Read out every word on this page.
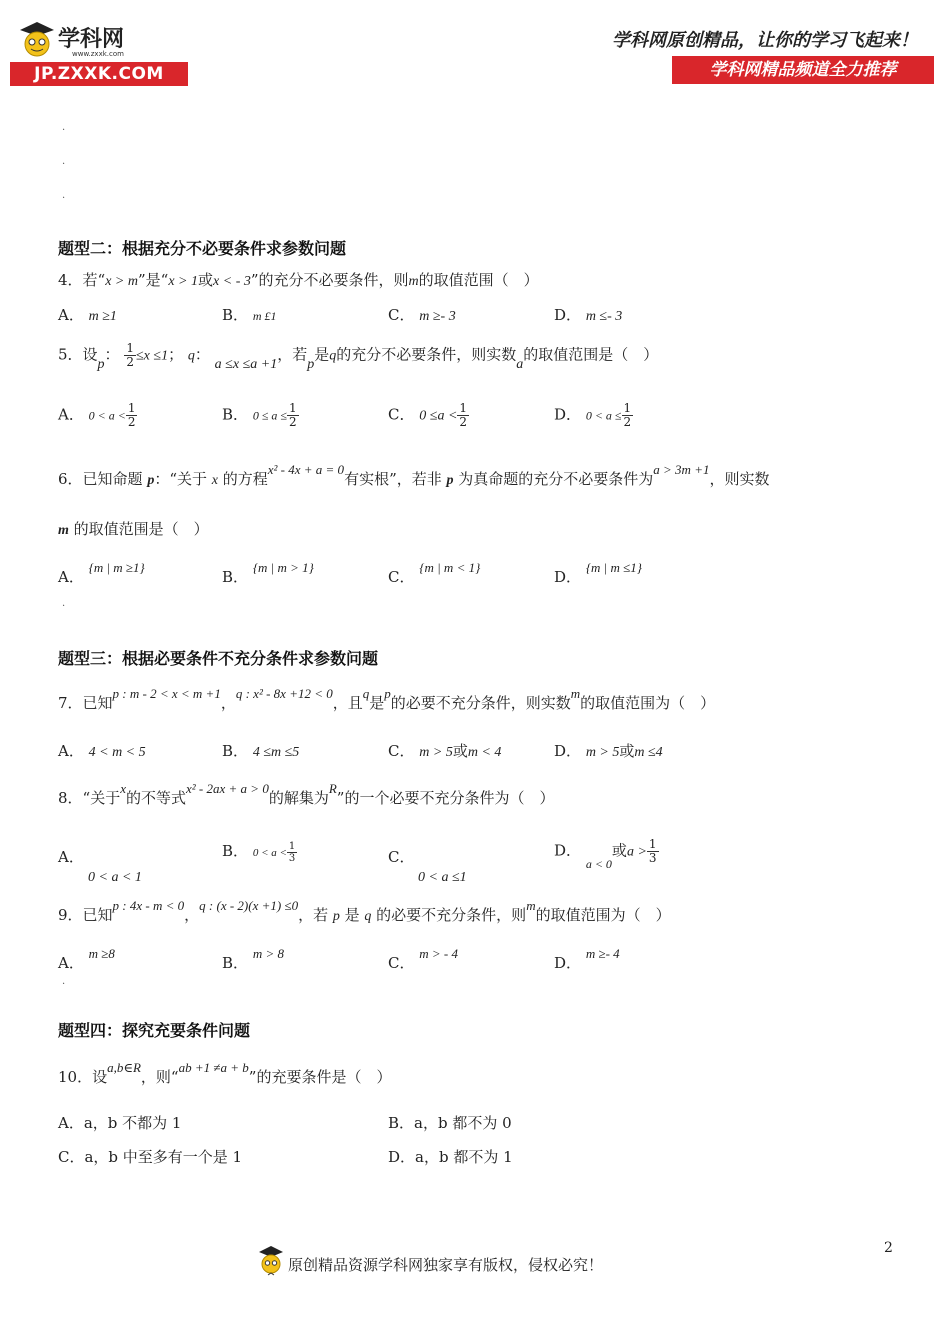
学科网
www.zxxk.com
JP.ZXXK.COM
学科网原创精品，让你的学习飞起来！
学科网精品频道全力推荐
.
.
.
题型二：根据充分不必要条件求参数问题
4．若“x > m”是“x > 1或x < - 3”的充分不必要条件，则m的取值范围（　）
A． m ≥1	B． m £1	C． m ≥- 3	D． m ≤- 3
5．设p： $\frac{1}{2} \le x \le 1$； q： a ≤x ≤a +1，若p是q的充分不必要条件，则实数a的取值范围是（　）
A． $0 < a < \frac{1}{2}$	B． $0 \le a \le \frac{1}{2}$	C． $0 \le a < \frac{1}{2}$	D． $0 < a \le \frac{1}{2}$
6．已知命题 p：“关于 x 的方程x² - 4x + a = 0有实根”，若非 p 为真命题的充分不必要条件为a > 3m +1，则实数
m 的取值范围是（　）
A． {m | m ≥1}
B． {m | m > 1}
C． {m | m < 1}
D． {m | m ≤1}
.
题型三：根据必要条件不充分条件求参数问题
7．已知p : m - 2 < x < m +1，q : x² - 8x +12 < 0，且q是p的必要不充分条件，则实数m的取值范围为（　）
A． 4 < m < 5	B． 4 ≤m ≤5	C． m > 5或m < 4	D． m > 5或m ≤4
8．“关于x的不等式x² - 2ax + a > 0的解集为R”的一个必要不充分条件为（　）
A．
0 < a < 1
B． $0 < a < \frac{1}{3}$	C．
0 < a ≤1
D． $_{a < 0}$或$a > \frac{1}{3}$
9．已知p : 4x - m < 0，q : (x - 2)(x +1) ≤0，若 p 是 q 的必要不充分条件，则m的取值范围为（　）
A． m ≥8
B． m > 8
C． m > - 4
D． m ≥- 4
.
题型四：探究充要条件问题
10．设a,b∈R，则“ab +1 ≠a + b”的充要条件是（　）
A．a，b 不都为 1	B．a，b 都不为 0
C．a，b 中至多有一个是 1	D．a，b 都不为 1
2
原创精品资源学科网独家享有版权，侵权必究！
